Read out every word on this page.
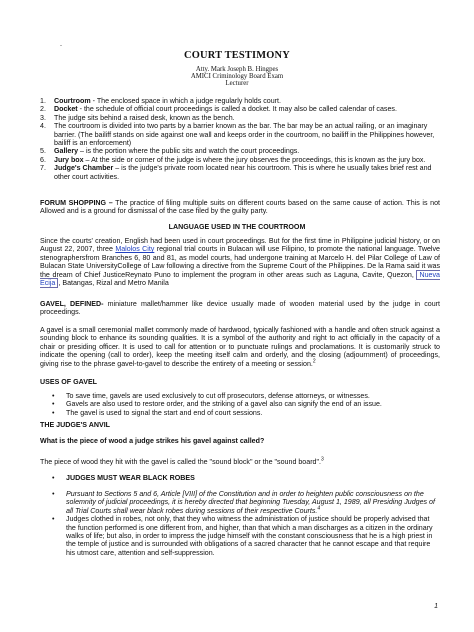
-
COURT TESTIMONY
Atty. Mark Joseph B. Hingpes
AMICI Criminology Board Exam
Lecturer
1. Courtroom - The enclosed space in which a judge regularly holds court.
2. Docket - the schedule of official court proceedings is called a docket. It may also be called calendar of cases.
3. The judge sits behind a raised desk, known as the bench.
4. The courtroom is divided into two parts by a barrier known as the bar. The bar may be an actual railing, or an imaginary barrier. (The bailiff stands on side against one wall and keeps order in the courtroom, no bailiff in the Philippines however, bailiff is an enforcement)
5. Gallery – is the portion where the public sits and watch the court proceedings.
6. Jury box – At the side or corner of the judge is where the jury observes the proceedings, this is known as the jury box.
7. Judge's Chamber – is the judge's private room located near his courtroom. This is where he usually takes brief rest and other court activities.
FORUM SHOPPING – The practice of filing multiple suits on different courts based on the same cause of action. This is not Allowed and is a ground for dismissal of the case filed by the guilty party.
LANGUAGE USED IN THE COURTROOM
Since the courts' creation, English had been used in court proceedings. But for the first time in Philippine judicial history, or on August 22, 2007, three Malolos City regional trial courts in Bulacan will use Filipino, to promote the national language. Twelve stenographersfrom Branches 6, 80 and 81, as model courts, had undergone training at Marcelo H. del Pilar College of Law of Bulacan State UniversityCollege of Law following a directive from the Supreme Court of the Philippines. De la Rama said it was the dream of Chief JusticeReynato Puno to implement the program in other areas such as Laguna, Cavite, Quezon, Nueva Ecija , Batangas, Rizal and Metro Manila
GAVEL, DEFINED- miniature mallet/hammer like device usually made of wooden material used by the judge in court proceedings.
A gavel is a small ceremonial mallet commonly made of hardwood, typically fashioned with a handle and often struck against a sounding block to enhance its sounding qualities. It is a symbol of the authority and right to act officially in the capacity of a chair or presiding officer. It is used to call for attention or to punctuate rulings and proclamations. It is customarily struck to indicate the opening (call to order), keep the meeting itself calm and orderly, and the closing (adjournment) of proceedings, giving rise to the phrase gavel-to-gavel to describe the entirety of a meeting or session.$^2$
USES OF GAVEL
• To save time, gavels are used exclusively to cut off prosecutors, defense attorneys, or witnesses.
• Gavels are also used to restore order, and the striking of a gavel also can signify the end of an issue.
• The gavel is used to signal the start and end of court sessions.
THE JUDGE'S ANVIL
What is the piece of wood a judge strikes his gavel against called?
The piece of wood they hit with the gavel is called the "sound block" or the "sound board".$^3$
• JUDGES MUST WEAR BLACK ROBES
• Pursuant to Sections 5 and 6, Article [VIII] of the Constitution and in order to heighten public consciousness on the solemnity of judicial proceedings, it is hereby directed that beginning Tuesday, August 1, 1989, all Presiding Judges of all Trial Courts shall wear black robes during sessions of their respective Courts.$^4$
• Judges clothed in robes, not only, that they who witness the administration of justice should be properly advised that the function performed is one different from, and higher, than that which a man discharges as a citizen in the ordinary walks of life; but also, in order to impress the judge himself with the constant consciousness that he is a high priest in the temple of justice and is surrounded with obligations of a sacred character that he cannot escape and that require his utmost care, attention and self-suppression.
1
